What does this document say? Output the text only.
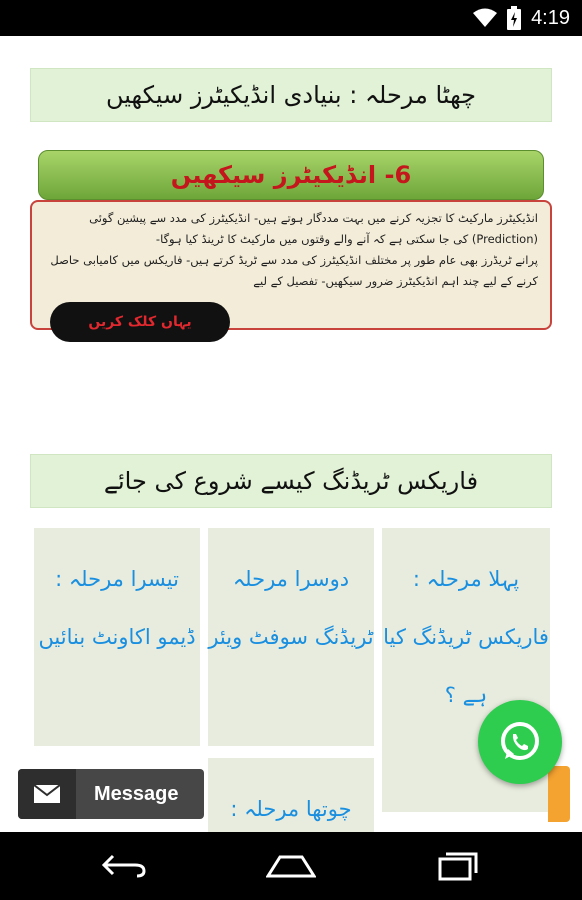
4:19
چھٹا مرحلہ : بنیادی انڈیکیٹرز سیکھیں

انڈیکیٹرز مارکیٹ کا تجزیہ کرنے میں بہت مددگار ہوتے ہیں- انڈیکیٹرز کی مدد سے پیشین گوئی (Prediction) کی جا سکتی ہے کہ آنے والے وقتوں میں مارکیٹ کا ٹرینڈ کیا ہوگا-

پرانے ٹریڈرز بھی عام طور پر مختلف انڈیکیٹرز کی مدد سے ٹریڈ کرتے ہیں- فاریکس میں کامیابی حاصل کرنے کے لیے چند اہم انڈیکیٹرز ضرور سیکھیں- تفصیل کے لیے

6- انڈیکیٹرز سیکھیں
یہاں کلک کریں
فاریکس ٹریڈنگ کیسے شروع کی جائے

پہلا مرحلہ : فاریکس ٹریڈنگ کیا ہے ؟

دوسرا مرحلہ ٹریڈنگ سوفٹ ویئر

تیسرا مرحلہ : ڈیمو اکاونٹ بنائیں

چوتھا مرحلہ :

Message
